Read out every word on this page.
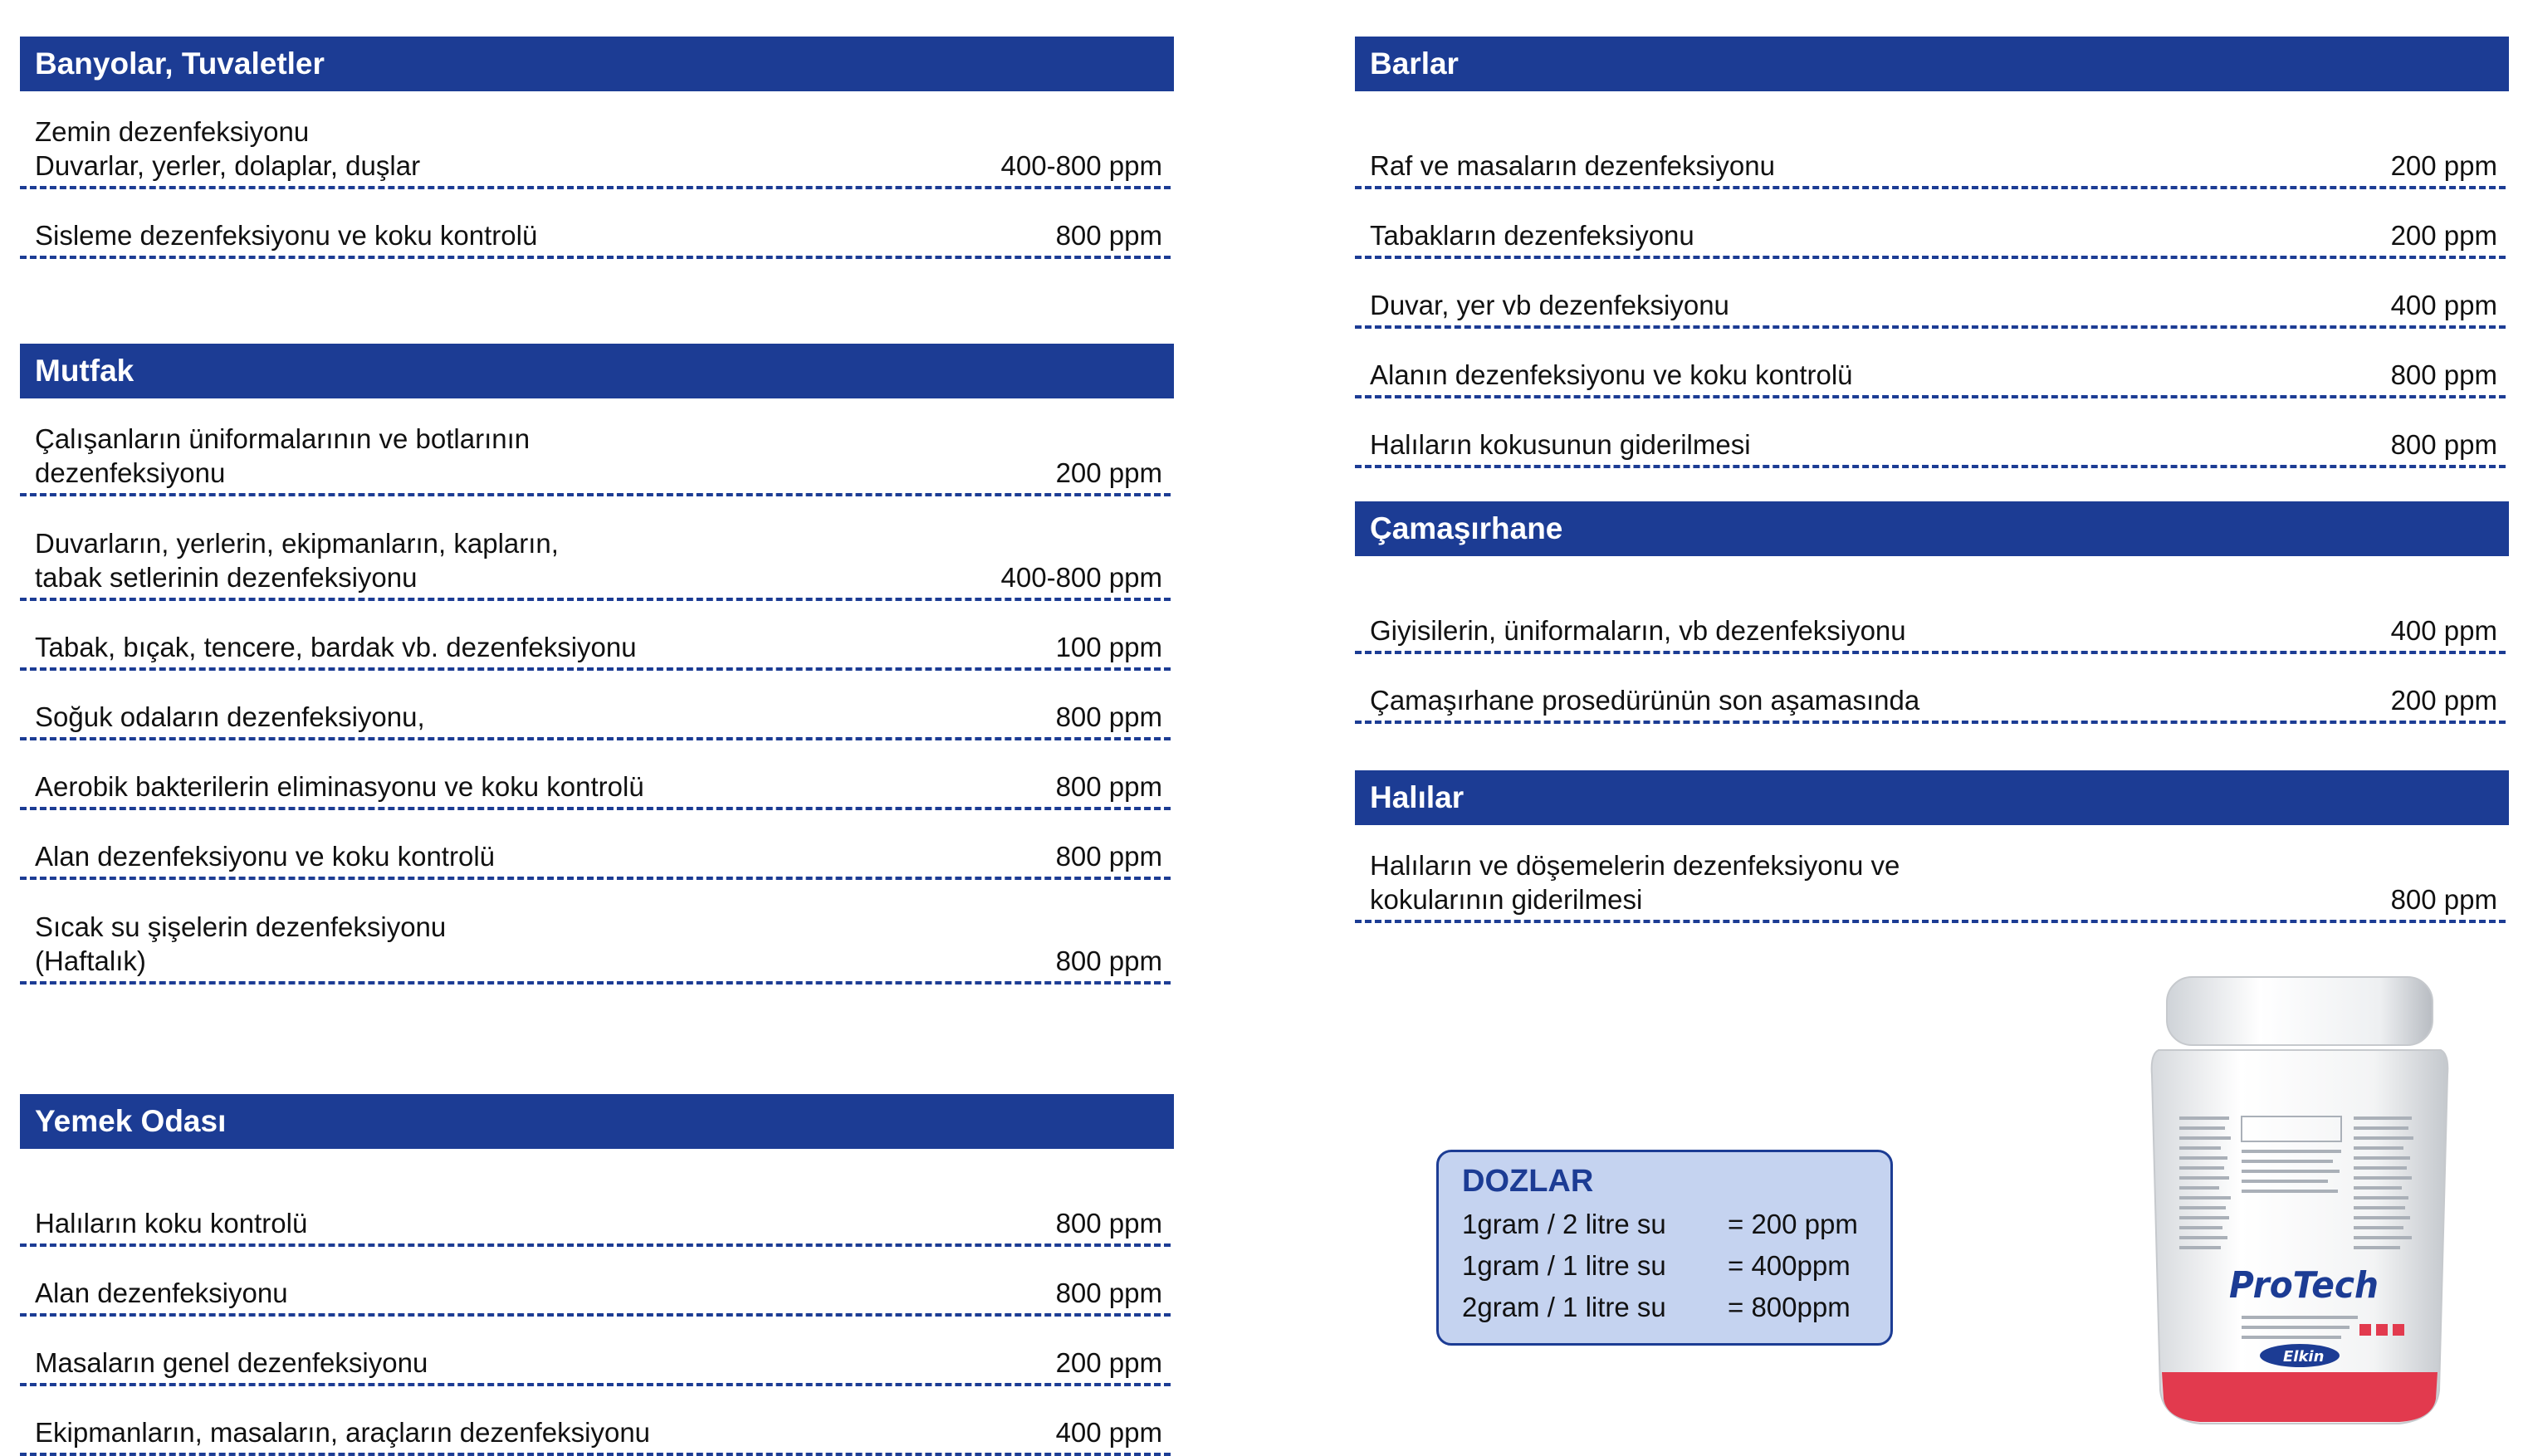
Banyolar, Tuvaletler
Zemin dezenfeksiyonu
Duvarlar, yerler, dolaplar, duşlar	400-800 ppm
Sisleme dezenfeksiyonu ve koku kontrolü	800 ppm
Mutfak
Çalışanların üniformalarının ve botlarının
dezenfeksiyonu	200 ppm
Duvarların, yerlerin, ekipmanların, kapların,
tabak setlerinin dezenfeksiyonu	400-800 ppm
Tabak, bıçak, tencere, bardak vb. dezenfeksiyonu	100 ppm
Soğuk odaların dezenfeksiyonu,	800 ppm
Aerobik bakterilerin eliminasyonu ve koku kontrolü	800 ppm
Alan dezenfeksiyonu ve koku kontrolü	800 ppm
Sıcak su şişelerin dezenfeksiyonu
(Haftalık)	800 ppm
Yemek Odası
Halıların koku kontrolü	800 ppm
Alan dezenfeksiyonu	800 ppm
Masaların genel dezenfeksiyonu	200 ppm
Ekipmanların, masaların, araçların dezenfeksiyonu	400 ppm
Barlar
Raf ve masaların dezenfeksiyonu	200 ppm
Tabakların dezenfeksiyonu	200 ppm
Duvar, yer vb dezenfeksiyonu	400 ppm
Alanın dezenfeksiyonu ve koku kontrolü	800 ppm
Halıların kokusunun giderilmesi	800 ppm
Çamaşırhane
Giyisilerin, üniformaların, vb dezenfeksiyonu	400 ppm
Çamaşırhane prosedürünün son aşamasında	200 ppm
Halılar
Halıların ve döşemelerin dezenfeksiyonu ve
kokularının giderilmesi	800 ppm
DOZLAR
1gram / 2 litre su	= 200 ppm
1gram / 1 litre su	= 400ppm
2gram / 1 litre su	= 800ppm
ProTech
Elkin
